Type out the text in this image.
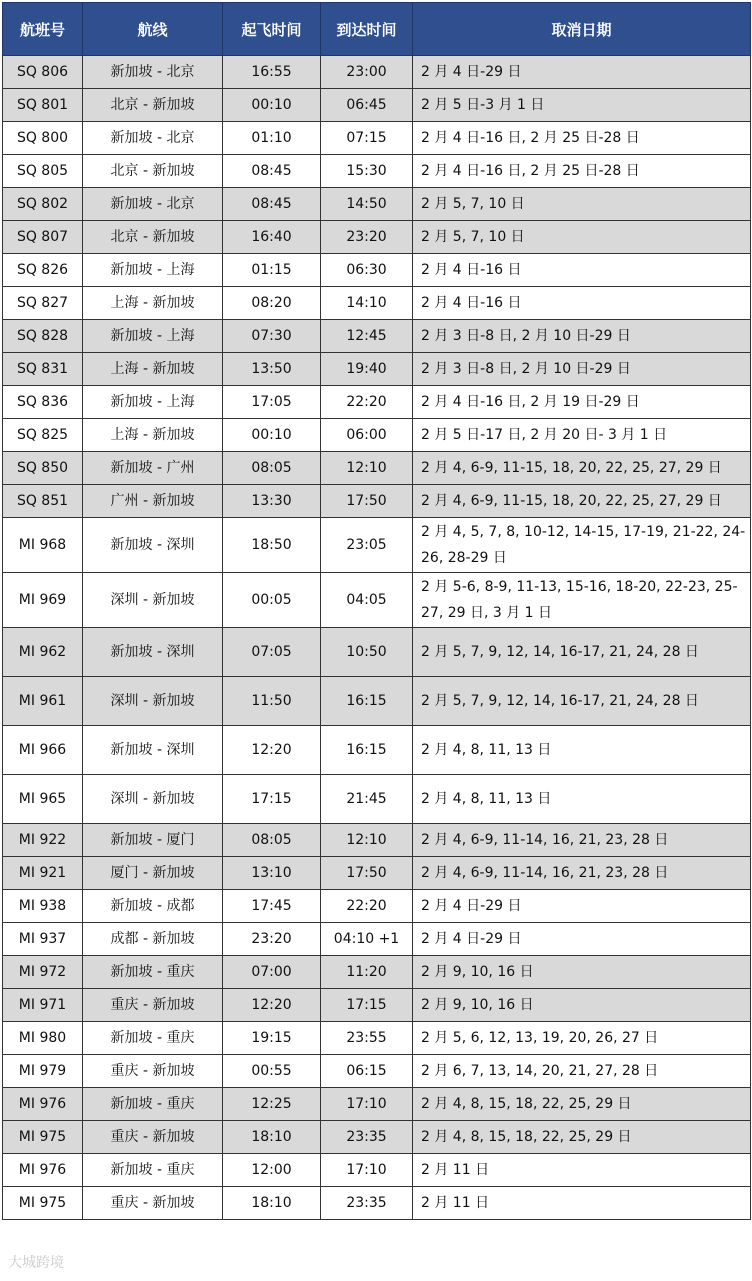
航班号	航线	起飞时间	到达时间	取消日期
SQ 806	新加坡 - 北京	16:55	23:00	2 月 4 日-29 日
SQ 801	北京 - 新加坡	00:10	06:45	2 月 5 日-3 月 1 日
SQ 800	新加坡 - 北京	01:10	07:15	2 月 4 日-16 日, 2 月 25 日-28 日
SQ 805	北京 - 新加坡	08:45	15:30	2 月 4 日-16 日, 2 月 25 日-28 日
SQ 802	新加坡 - 北京	08:45	14:50	2 月 5, 7, 10 日
SQ 807	北京 - 新加坡	16:40	23:20	2 月 5, 7, 10 日
SQ 826	新加坡 - 上海	01:15	06:30	2 月 4 日-16 日
SQ 827	上海 - 新加坡	08:20	14:10	2 月 4 日-16 日
SQ 828	新加坡 - 上海	07:30	12:45	2 月 3 日-8 日, 2 月 10 日-29 日
SQ 831	上海 - 新加坡	13:50	19:40	2 月 3 日-8 日, 2 月 10 日-29 日
SQ 836	新加坡 - 上海	17:05	22:20	2 月 4 日-16 日, 2 月 19 日-29 日
SQ 825	上海 - 新加坡	00:10	06:00	2 月 5 日-17 日, 2 月 20 日- 3 月 1 日
SQ 850	新加坡 - 广州	08:05	12:10	2 月 4, 6-9, 11-15, 18, 20, 22, 25, 27, 29 日
SQ 851	广州 - 新加坡	13:30	17:50	2 月 4, 6-9, 11-15, 18, 20, 22, 25, 27, 29 日
MI 968	新加坡 - 深圳	18:50	23:05	2 月 4, 5, 7, 8, 10-12, 14-15, 17-19, 21-22, 24-26, 28-29 日
MI 969	深圳 - 新加坡	00:05	04:05	2 月 5-6, 8-9, 11-13, 15-16, 18-20, 22-23, 25-27, 29 日, 3 月 1 日
MI 962	新加坡 - 深圳	07:05	10:50	2 月 5, 7, 9, 12, 14, 16-17, 21, 24, 28 日
MI 961	深圳 - 新加坡	11:50	16:15	2 月 5, 7, 9, 12, 14, 16-17, 21, 24, 28 日
MI 966	新加坡 - 深圳	12:20	16:15	2 月 4, 8, 11, 13 日
MI 965	深圳 - 新加坡	17:15	21:45	2 月 4, 8, 11, 13 日
MI 922	新加坡 - 厦门	08:05	12:10	2 月 4, 6-9, 11-14, 16, 21, 23, 28 日
MI 921	厦门 - 新加坡	13:10	17:50	2 月 4, 6-9, 11-14, 16, 21, 23, 28 日
MI 938	新加坡 - 成都	17:45	22:20	2 月 4 日-29 日
MI 937	成都 - 新加坡	23:20	04:10 +1	2 月 4 日-29 日
MI 972	新加坡 - 重庆	07:00	11:20	2 月 9, 10, 16 日
MI 971	重庆 - 新加坡	12:20	17:15	2 月 9, 10, 16 日
MI 980	新加坡 - 重庆	19:15	23:55	2 月 5, 6, 12, 13, 19, 20, 26, 27 日
MI 979	重庆 - 新加坡	00:55	06:15	2 月 6, 7, 13, 14, 20, 21, 27, 28 日
MI 976	新加坡 - 重庆	12:25	17:10	2 月 4, 8, 15, 18, 22, 25, 29 日
MI 975	重庆 - 新加坡	18:10	23:35	2 月 4, 8, 15, 18, 22, 25, 29 日
MI 976	新加坡 - 重庆	12:00	17:10	2 月 11 日
MI 975	重庆 - 新加坡	18:10	23:35	2 月 11 日
大城跨境
